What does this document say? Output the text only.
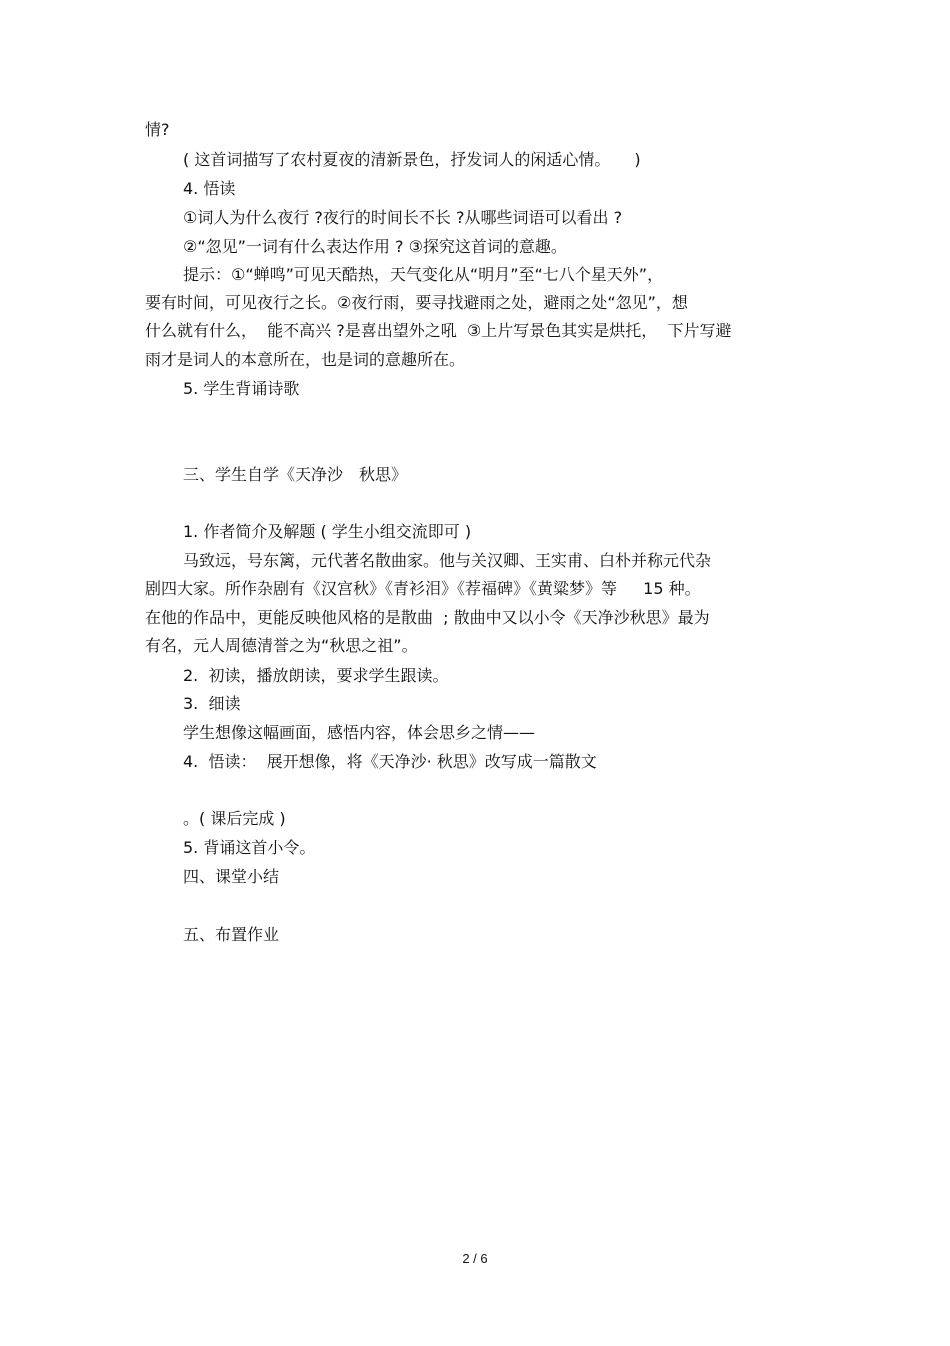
情?

( 这首词描写了农村夏夜的清新景色，抒发词人的闲适心情。　　)

4. 悟读

①词人为什么夜行 ?夜行的时间长不长 ?从哪些词语可以看出 ?

②“忽见”一词有什么表达作用 ? ③探究这首词的意趣。

提示：①“蝉鸣”可见天酷热，天气变化从“明月”至“七八个星天外”，

要有时间，可见夜行之长。②夜行雨，要寻找避雨之处，避雨之处“忽见”，想

什么就有什么，  能不高兴 ?是喜出望外之吼  ③上片写景色其实是烘托，  下片写避

雨才是词人的本意所在，也是词的意趣所在。

5. 学生背诵诗歌

三、学生自学《天净沙　秋思》

1. 作者简介及解题 ( 学生小组交流即可 )

马致远，号东篱，元代著名散曲家。他与关汉卿、王实甫、白朴并称元代杂

剧四大家。所作杂剧有《汉宫秋》《青衫泪》《荐福碑》《黄粱梦》等　  15 种。

在他的作品中，更能反映他风格的是散曲  ; 散曲中又以小令《天净沙秋思》最为

有名，元人周德清誉之为“秋思之祖”。

2.  初读，播放朗读，要求学生跟读。

3.  细读

学生想像这幅画面，感悟内容，体会思乡之情——

4.  悟读：  展开想像，将《天净沙· 秋思》改写成一篇散文

。( 课后完成 )

5. 背诵这首小令。

四、课堂小结

五、布置作业

2 / 6
